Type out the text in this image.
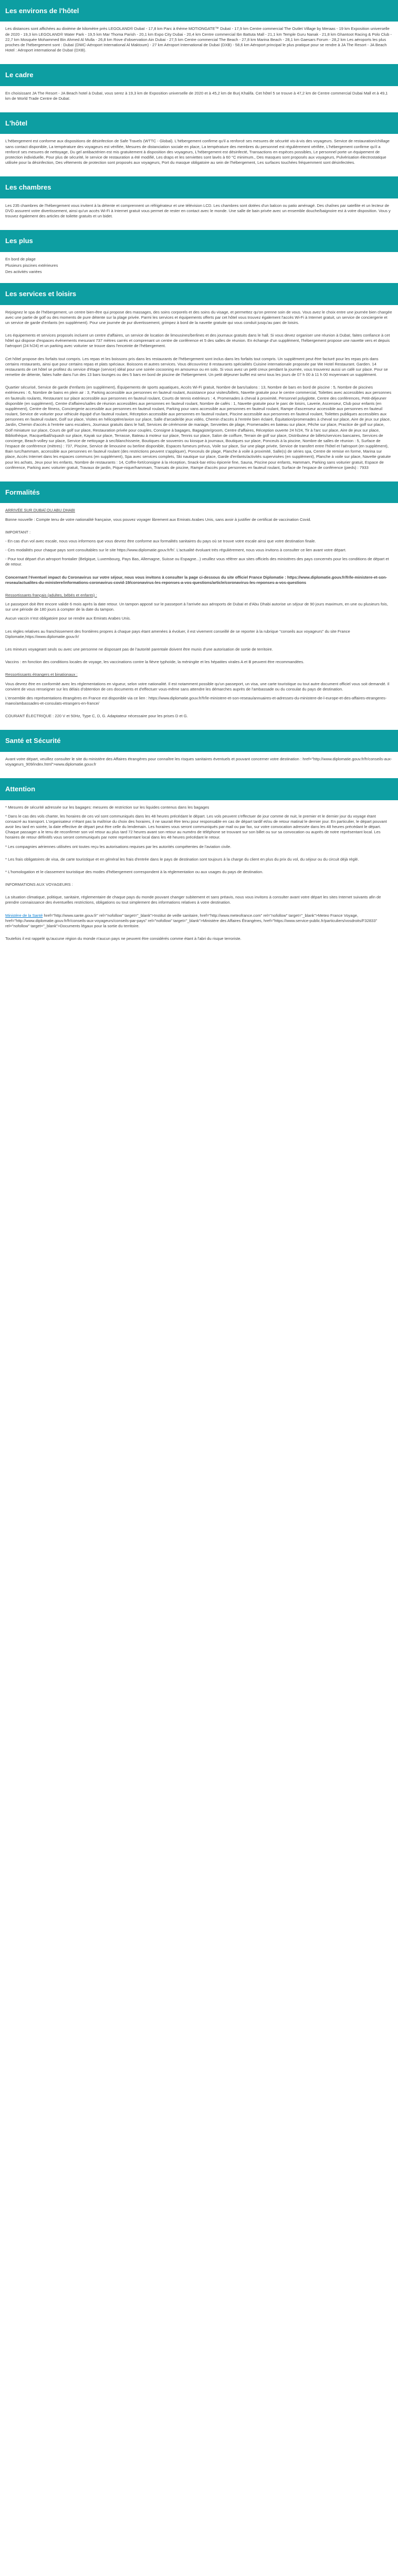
Les environs de l'hôtel

Les distances sont affichées au dixième de kilomètre près LEGOLAND® Dubaï - 17,8 km Parc à thème MOTIONGATE™ Dubaï - 17,9 km Centre commercial The Outlet Village by Meraas - 19 km Exposition universelle de 2020 - 19,3 km LEGOLAND® Water Park - 19,5 km Mar Thoma Parish - 20,1 km Expo City Dubai - 20,4 km Centre commercial Ibn Battuta Mall - 21,1 km Temple Guru Nanak - 21,8 km Ghantoot Racing & Polo Club - 22,7 km Mosquée Mohammed Bin Ahmed Al Mulla - 26,8 km Rove d'observation Ain Dubai - 27,5 km Centre commercial The Beach - 27,8 km Marina Beach - 28,1 km Gaesars Forum - 28,2 km Les aéroports les plus proches de l'hébergement sont : Dubaï (DWC-Aéroport International Al Maktoum) - 27 km Aéroport International de Dubaï (DXB) - 58,6 km Aéroport principal le plus pratique pour se rendre à JA The Resort - JA Beach Hotel : Aéroport international de Dubaï (DXB).

Le cadre

En choisissant JA The Resort - JA Beach hotel à Dubaï, vous serez à 19,3 km de Exposition universelle de 2020 et à 45,2 km de Burj Khalifa. Cet hôtel 5 se trouve à 47,2 km de Centre commercial Dubai Mall et à 49,1 km de World Trade Centre de Dubaï.

L'hôtel

L'hébergement est conforme aux dispositions de désinfection de Safe Travels (WTTC - Global). L'hébergement confirme qu'il a renforcé ses mesures de sécurité vis-à-vis des voyageurs. Service de restauration/chillage sans contact disponible, La température des voyageurs est vérifiée, Mesures de distanciation sociale en place, La température des membres du personnel est régulièrement vérifiée, L'hébergement confirme qu'il a renforcé ses mesures de nettoyage, Du gel antibactérien est mis gratuitement à disposition des voyageurs, L'hébergement est désinfecté, Transactions en espèces possibles, Le personnel porte un équipement de protection individuelle, Pour plus de sécurité, le service de restauration a été modifié, Les draps et les serviettes sont lavés à 60 °C minimum., Des masques sont proposés aux voyageurs, Pulvérisation électrostatique utilisée pour la désinfection, Des vêtements de protection sont proposés aux voyageurs, Port du masque obligatoire au sein de l'hébergement, Les surfaces touchées fréquemment sont désinfectées.

Les chambres

Les 235 chambres de l'hébergement vous invitent à la détente et comprennent un réfrigérateur et une télévision LCD. Les chambres sont dotées d'un balcon ou patio aménagé. Des chaînes par satellite et un lecteur de DVD assurent votre divertissement, ainsi qu'un accès Wi-Fi à Internet gratuit vous permet de rester en contact avec le monde. Une salle de bain privée avec un ensemble douche/baignoire est à votre disposition. Vous y trouvez également des articles de toilette gratuits et un bidet.

Les plus
En bord de plage
Plusieurs piscines extérieures
Des activités variées
Les services et loisirs

Rejoignez le spa de l'hébergement, un centre bien-être qui propose des massages, des soins corporels et des soins du visage, et permettez qu'on prenne soin de vous. Vous avez le choix entre une journée bien chargée avec une partie de golf ou des moments de pure détente sur la plage privée. Parmi les services et équipements offerts par cet hôtel vous trouvez également l'accès Wi-Fi à Internet gratuit, un service de conciergerie et un service de garde d'enfants (en supplément). Pour une journée de pur divertissement, grimpez à bord de la navette gratuite qui vous conduit jusqu'au parc de loisirs.

Les équipements et services proposés incluent un centre d'affaires, un service de location de limousines/berlines et des journaux gratuits dans le hall. Si vous devez organiser une réunion à Dubaï, faites confiance à cet hôtel qui dispose d'espaces événements mesurant 737 mètres carrés et comprenant un centre de conférence et 5 des salles de réunion. En échange d'un supplément, l'hébergement propose une navette vers et depuis l'aéroport (24 h/24) et un parking avec voiturier se trouve dans l'enceinte de l'hébergement.

Cet hôtel propose des forfaits tout compris. Les repas et les boissons pris dans les restaurants de l'hébergement sont inclus dans les forfaits tout compris. Un supplément peut être facturé pour les repas pris dans certains restaurants, ainsi que pour certains repas et plats spéciaux. Boissons et autres services. Vous découvrirez 8 restaurants spécialités Cuisine internationale proposée par We Hotel Restaurant. Garden. 14 restaurants de cet hôtel se profitez du service d'étage (service) idéal pour une soirée cocooning en amoureux ou en solo. Si vous avez un petit creux pendant la journée, vous trouverez aussi un café sur place. Pour se remettre de détente, faites halte dans l'un des 13 bars lounges ou des 5 bars en bord de piscine de l'hébergement. Un petit déjeuner buffet est servi tous les jours de 07 h 00 à 11 h 00 moyennant un supplément.

Quartier sécurisé, Service de garde d'enfants (en supplément), Équipements de sports aquatiques, Accès Wi-Fi gratuit, Nombre de bars/salons : 13, Nombre de bars en bord de piscine : 5, Nombre de piscines extérieures : 6, Nombre de bains en plein air : 3, Parking accessible aux personnes en fauteuil roulant, Assistance pour visites/billets, Navette gratuite pour le centre commercial, Toilettes avec accessibles aux personnes en fauteuils roulants, Restaurant sur place accessible aux personnes en fauteuil roulant, Courts de tennis extérieurs : 4, Promenades à cheval à proximité, Personnel polyglotte, Centre des conférences, Petit-déjeuner disponible (en supplément), Centre d'affaires/salles de réunion accessibles aux personnes en fauteuil roulant, Nombre de cafés : 1, Navette gratuite pour le parc de loisirs, Laverie, Ascenseur, Club pour enfants (en supplément), Centre de fitness, Conciergerie accessible aux personnes en fauteuil roulant, Parking pour vans accessible aux personnes en fauteuil roulant, Rampe d'ascenseur accessible aux personnes en fauteuil roulant, Service de voiturier pour véhicule équipé d'un fauteuil roulant, Réception accessible aux personnes en fauteuil roulant, Piscine accessible aux personnes en fauteuil roulant, Toilettes publiques accessibles aux personnes en fauteuil roulant, Golf sur place, Visites en hélicoptère/avion sur place, Salle d'arcade/de jeux vidéo, Chemin d'accès à l'entrée bien éclairé, Équitation/promenades à cheval sur place, Aire de jeux sur place, Jardin, Chemin d'accès à l'entrée sans escaliers, Journaux gratuits dans le hall, Services de cérémonie de mariage, Serviettes de plage, Promenades en bateau sur place, Pêche sur place, Practice de golf sur place, Golf miniature sur place, Cours de golf sur place, Restauration privée pour couples, Consigne à bagages, Bagagiste/groom, Centre d'affaires, Réception ouverte 24 h/24, Tir à l'arc sur place, Aire de jeux sur place, Bibliothèque, Racquetball/squash sur place, Kayak sur place, Terrasse, Bateau à moteur sur place, Tennis sur place, Salon de coiffure, Terrain de golf sur place, Distributeur de billets/services bancaires, Services de concierge, Beach-volley sur place, Service de nettoyage à sec/blanchisserie, Boutiques de souvenirs ou kiosque à journaux, Boutiques sur place, Ponceuls à la piscine, Nombre de salles de réunion : 5, Surface de l'espace de conférence (mètres) : 737, Piscine, Service de limousine ou berline disponible, Espaces fumeurs prévus, Voile sur place, Sur une plage privée, Service de transfert entre l'hôtel et l'aéroport (en supplément), Bain turc/hammam, accessible aux personnes en fauteuil roulant (des restrictions peuvent s'appliquer), Ponceuls de plage, Planche à voile à proximité, Salle(s) de séries spa, Centre de remise en forme, Marina sur place, Accès Internet dans les espaces communs (en supplément), Spa avec services complets, Ski nautique sur place, Garde d'enfants/activités supervisées (en supplément), Planche à voile sur place, Navette gratuite pour les achats, Jeux pour les enfants, Nombre de restaurants : 14, Coffre-fort/consigne à la réception, Snack-bar et/ou épicerie fine, Sauna, Piscine pour enfants, Hammam, Parking sans voiturier gratuit, Espace de conférence, Parking avec voiturier gratuit, Travaux de jardin, Pique-nique/hammam, Transats de piscine, Rampe d'accès pour personnes en fauteuil roulant, Surface de l'espace de conférence (pieds) : 7933

Formalités

ARRIVÉE SUR DUBAÏ OU ABU DHABI

Bonne nouvelle : Compte tenu de votre nationalité française, vous pouvez voyager librement aux Emirats Arabes Unis, sans avoir à justifier de certificat de vaccination Covid.

IMPORTANT :

- En cas d'un vol avec escale, nous vous informons que vous devrez être conforme aux formalités sanitaires du pays où se trouve votre escale ainsi que votre destination finale.

- Ces modalités pour chaque pays sont consultables sur le site https://www.diplomatie.gouv.fr/fr/. L'actualité évoluant très régulièrement, nous vous invitons à consulter ce lien avant votre départ.

- Pour tout départ d'un aéroport frontalier (Belgique, Luxembourg, Pays Bas, Allemagne, Suisse ou Espagne...) veuillez vous référer aux sites officiels des ministères des pays concernés pour les conditions de départ et de retour.

Concernant l'éventuel impact du Coronavirus sur votre séjour, nous vous invitons à consulter la page ci-dessous du site officiel France Diplomatie : https://www.diplomatie.gouv.fr/fr/le-ministere-et-son-reseau/actualites-du-ministere/informations-coronavirus-covid-19/coronavirus-les-reponses-a-vos-questions/article/coronavirus-les-reponses-a-vos-questions

Ressortissants français (adultes, bébés et enfants) :

Le passeport doit être encore valide 6 mois après la date retour. Un tampon apposé sur le passeport à l'arrivée aux aéroports de Dubaï et d'Abu Dhabi autorise un séjour de 90 jours maximum, en une ou plusieurs fois, sur une période de 180 jours à compter de la date du tampon.

Aucun vaccin n'est obligatoire pour se rendre aux Emirats Arabes Unis.

Les règles relatives au franchissement des frontières propres à chaque pays étant amenées à évoluer, il est vivement conseillé de se reporter à la rubrique "conseils aux voyageurs" du site France Diplomatie,https://www.diplomatie.gouv.fr/

Les mineurs voyageant seuls ou avec une personne ne disposant pas de l'autorité parentale doivent être munis d'une autorisation de sortie de territoire.

Vaccins : en fonction des conditions locales de voyage, les vaccinations contre la fièvre typhoïde, la méningite et les hépatites virales A et B peuvent être recommandées.

Ressortissants étrangers et binationaux :

Vous devrez être en conformité avec les réglementations en vigueur, selon votre nationalité. Il est notamment possible qu'un passeport, un visa, une carte touristique ou tout autre document officiel vous soit demandé. Il convient de vous renseigner sur les délais d'obtention de ces documents et d'effectuer vous-même sans attendre les démarches auprès de l'ambassade ou du consulat du pays de destination.

L'ensemble des représentations étrangères en France est disponible via ce lien : https://www.diplomatie.gouv.fr/fr/le-ministere-et-son-reseau/annuaires-et-adresses-du-ministere-de-l-europe-et-des-affaires-etrangeres-maeo/ambassades-et-consulats-etrangers-en-france/

COURANT ÉLECTRIQUE : 220 V et 50Hz, Type C, D, G. Adaptateur nécessaire pour les prises D et G.

Santé et Sécurité

Avant votre départ, veuillez consulter le site du ministère des Affaires étrangères pour connaître les risques sanitaires éventuels et pouvant concerner votre destination : href="http://www.diplomatie.gouv.fr/fr/conseils-aux-voyageurs_909/index.html">www.diplomatie.gouv.fr

Attention

* Mesures de sécurité adressée sur les bagages: mesures de restriction sur les liquides contenus dans les bagages

* Dans le cas des vols charter, les horaires de ces vol sont communiqués dans les 48 heures précédant le départ. Les vols peuvent s'effectuer de jour comme de nuit, le premier et le dernier jour du voyage étant consacré au transport. L'organisateur n'étant pas la maîtrise du choix des horaires, il ne saurait être tenu pour responsable en cas de départ tardif et/ou de retour matinal le dernier jour. En particulier, le départ pouvant avoir lieu tard en soirée, la date effective de départ peut être celle du lendemain. Les horaires vous seront communiqués par mail ou par fax, sur votre convocation adressée dans les 48 heures précédant le départ. Chaque passager a le tenu de reconfirmer son vol retour au plus tard 72 heures avant son retour au numéro de téléphone se trouvant sur son billet ou sur sa convocation ou auprès de notre représentant local. Les horaires de retour définitifs vous seront communiqués par notre représentant local dans les 48 heures précédant le retour.

* Les compagnies aériennes utilisées ont toutes reçu les autorisations requises par les autorités compétentes de l'aviation civile.

* Les frais obligatoires de visa, de carte touristique et en général les frais d'entrée dans le pays de destination sont toujours à la charge du client en plus du prix du vol, du séjour ou du circuit déjà réglé.

* L'homologation et le classement touristique des modes d'hébergement correspondent à la réglementation ou aux usages du pays de destination.

INFORMATIONS AUX VOYAGEURS :

La situation climatique, politique, sanitaire, réglementaire de chaque pays du monde pouvant changer subitement et sans préavis, nous vous invitons à consulter avant votre départ les sites Internet suivants afin de prendre connaissance des éventuelles restrictions, obligations ou tout simplement des informations relatives à votre destination.

Ministère de la Santé href="http://www.sante.gouv.fr" rel="nofollow" target="_blank">Institut de veille sanitaire, href="http://www.meteofrance.com" rel="nofollow" target="_blank">Meteo France Voyage, href="http://www.diplomatie.gouv.fr/fr/conseils-aux-voyageurs/conseils-par-pays" rel="nofollow" target="_blank">Ministère des Affaires Étrangères, href="https://www.service-public.fr/particuliers/vosdroits/F32833" rel="nofollow" target="_blank">Documents légaux pour la sortie du territoire.

Toutefois il est rappelé qu'aucune région du monde n'aucun pays ne peuvent être considérés comme étant à l'abri du risque terroriste.
